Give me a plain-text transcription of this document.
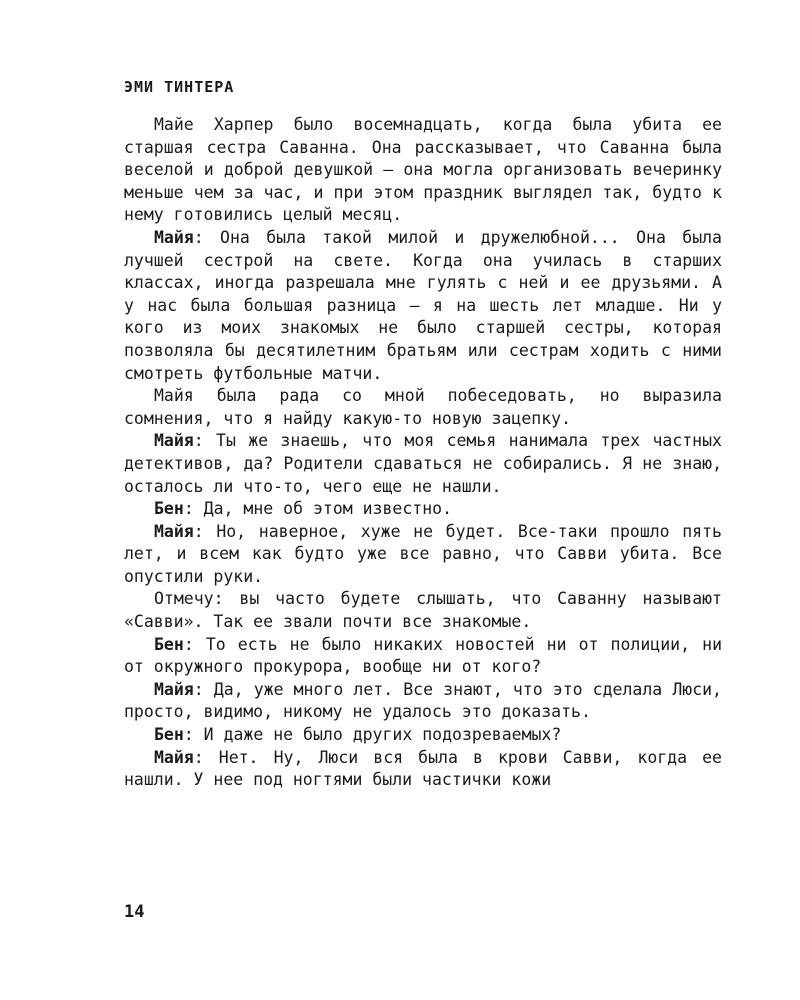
ЭМИ ТИНТЕРА

Майе Харпер было восемнадцать, когда была убита ее старшая сестра Саванна. Она рассказывает, что Саванна была веселой и доброй девушкой — она могла организовать вечеринку меньше чем за час, и при этом праздник выглядел так, будто к нему готовились целый месяц.

Майя: Она была такой милой и дружелюбной... Она была лучшей сестрой на свете. Когда она училась в старших классах, иногда разрешала мне гулять с ней и ее друзьями. А у нас была большая разница — я на шесть лет младше. Ни у кого из моих знакомых не было старшей сестры, которая позволяла бы десятилетним братьям или сестрам ходить с ними смотреть футбольные матчи.

Майя была рада со мной побеседовать, но выразила сомнения, что я найду какую-то новую зацепку.

Майя: Ты же знаешь, что моя семья нанимала трех частных детективов, да? Родители сдаваться не собирались. Я не знаю, осталось ли что-то, чего еще не нашли.

Бен: Да, мне об этом известно.

Майя: Но, наверное, хуже не будет. Все-таки прошло пять лет, и всем как будто уже все равно, что Савви убита. Все опустили руки.

Отмечу: вы часто будете слышать, что Саванну называют «Савви». Так ее звали почти все знакомые.

Бен: То есть не было никаких новостей ни от полиции, ни от окружного прокурора, вообще ни от кого?

Майя: Да, уже много лет. Все знают, что это сделала Люси, просто, видимо, никому не удалось это доказать.

Бен: И даже не было других подозреваемых?

Майя: Нет. Ну, Люси вся была в крови Савви, когда ее нашли. У нее под ногтями были частички кожи

14
